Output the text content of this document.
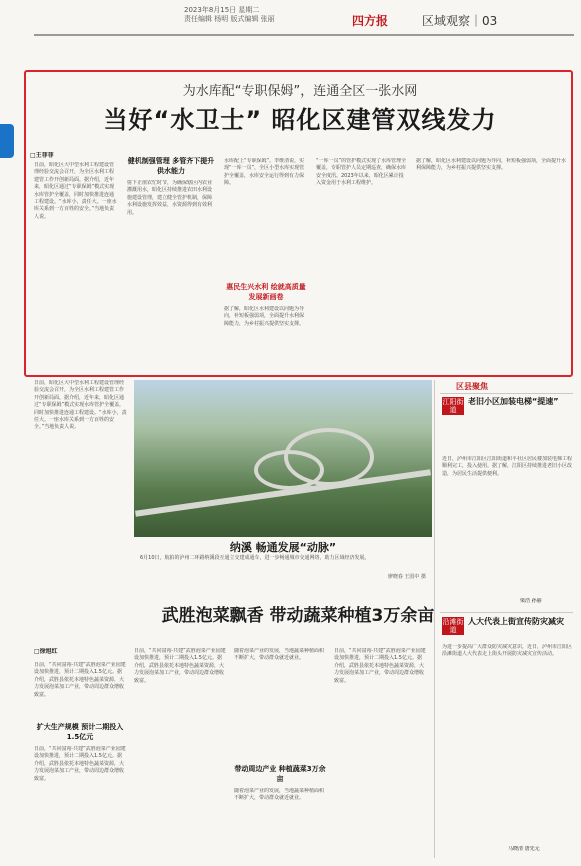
2023年8月15日 星期二
责任编辑 杨明 版式编辑 张丽	四方报	区域观察｜03
日前，昭化区大中型水利工程建设管理经验交流会召开，为全区水利工程建管工作开创新局面。据介绍，近年来，昭化区通过“专职保姆”模式实现水库管护全覆盖，同时加快推进连通工程建设。“水库小，责任大。一座水库关系到一方百姓的安全。”当地负责人说。
□王菲菲
为水库配“专职保姆”，连通全区一张水网
当好“水卫士” 昭化区建管双线发力
健机制强管理 多管齐下提升供水能力
射下正值农忙时节，为确保辖区内农业灌溉用水，昭化区持续推进农田水利设施建设管理，建立健全管护机制，保障水利设施发挥效益，水资源得到有效利用。
水库配上“专职保姆”。李维清说，实现“一库一员”，全区小型水库实现管护全覆盖，水库安全运行得到有力保障。
惠民生兴水利 绘就高质量发展新画卷
据了解，昭化区水利建设以问题为导向，补短板强弱项，全面提升水利保障能力，为乡村振兴提供坚实支撑。
“一库一员”的管护模式实现了水库管理全覆盖，专职管护人员定期巡查，确保水库安全度汛。2023年以来，昭化区累计投入资金用于水利工程维护。
据了解，昭化区水利建设以问题为导向，补短板强弱项，全面提升水利保障能力，为乡村振兴提供坚实支撑。
日前，昭化区大中型水利工程建设管理经验交流会召开，为全区水利工程建管工作开创新局面。据介绍，近年来，昭化区通过“专职保姆”模式实现水库管护全覆盖，同时加快推进连通工程建设。“水库小，责任大。一座水库关系到一方百姓的安全。”当地负责人说。
纳溪 畅通发展“动脉”
6月10日，航拍的泸州二环路纳溪段互通立交建成通车，进一步畅通城市交通网络，助力区域经济发展。
廖晓春 王国中 摄
区县聚焦
江阳街道
老旧小区加装电梯“提速”
近日，泸州市江阳区江阳街道和平社区居民楼加装电梯工程顺利完工，投入使用。据了解，江阳区持续推进老旧小区改造，为居民生活提供便利。
梁浩 孙丽
武胜泡菜飘香 带动蔬菜种植3万余亩
□徐旭红
扩大生产规模 预计二期投入1.5亿元
日前，“共同富裕·共建”武胜泡菜产业园建设加快推进，预计二期投入1.5亿元。据介绍，武胜县依托本地特色蔬菜资源，大力发展泡菜加工产业，带动周边群众增收致富。
日前，“共同富裕·共建”武胜泡菜产业园建设加快推进，预计二期投入1.5亿元。据介绍，武胜县依托本地特色蔬菜资源，大力发展泡菜加工产业，带动周边群众增收致富。
日前，“共同富裕·共建”武胜泡菜产业园建设加快推进，预计二期投入1.5亿元。据介绍，武胜县依托本地特色蔬菜资源，大力发展泡菜加工产业，带动周边群众增收致富。
随着泡菜产业的发展，当地蔬菜种植面积不断扩大，带动群众就近就业。
带动周边产业 种植蔬菜3万余亩
随着泡菜产业的发展，当地蔬菜种植面积不断扩大，带动群众就近就业。
日前，“共同富裕·共建”武胜泡菜产业园建设加快推进，预计二期投入1.5亿元。据介绍，武胜县依托本地特色蔬菜资源，大力发展泡菜加工产业，带动周边群众增收致富。
沿滩街道
人大代表上街宣传防灾减灾
为进一步提高广大群众防灾减灾意识，近日，泸州市江阳区沿滩街道人大代表走上街头开展防灾减灾宣传活动。
马晓清 唐先元
